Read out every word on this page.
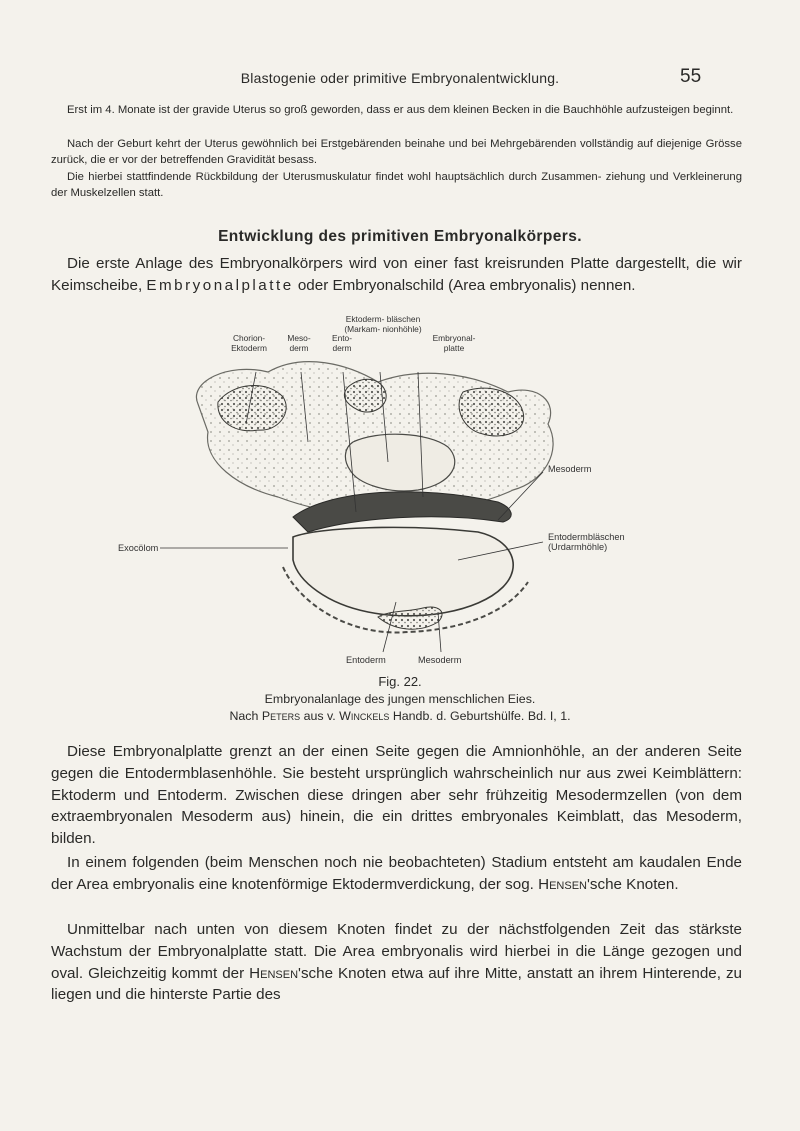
Blastogenie oder primitive Embryonalentwicklung.	55

Erst im 4. Monate ist der gravide Uterus so groß geworden, dass er aus dem kleinen Becken in die Bauchhöhle aufzusteigen beginnt.

Nach der Geburt kehrt der Uterus gewöhnlich bei Erstgebärenden beinahe und bei Mehrgebärenden vollständig auf diejenige Grösse zurück, die er vor der betreffenden Gravidität besass.

Die hierbei stattfindende Rückbildung der Uterusmuskulatur findet wohl hauptsächlich durch Zusammen- ziehung und Verkleinerung der Muskelzellen statt.

Entwicklung des primitiven Embryonalkörpers.

Die erste Anlage des Embryonalkörpers wird von einer fast kreisrunden Platte dargestellt, die wir Keimscheibe, Embryonalplatte oder Embryonalschild (Area embryonalis) nennen.

Chorion- Ektoderm
Meso- derm
Ento- derm
Ektoderm- bläschen (Markam- nionhöhle)
Embryonal- platte
Mesoderm
Entodermbläschen (Urdarmhöhle)
Exocölom
Entoderm	Mesoderm
Fig. 22.
Embryonalanlage des jungen menschlichen Eies.
Nach Peters aus v. Winckels Handb. d. Geburtshülfe. Bd. I, 1.

Diese Embryonalplatte grenzt an der einen Seite gegen die Amnionhöhle, an der anderen Seite gegen die Entodermblasenhöhle. Sie besteht ursprünglich wahrscheinlich nur aus zwei Keimblättern: Ektoderm und Entoderm. Zwischen diese dringen aber sehr frühzeitig Mesodermzellen (von dem extraembryonalen Mesoderm aus) hinein, die ein drittes embryonales Keimblatt, das Mesoderm, bilden.

In einem folgenden (beim Menschen noch nie beobachteten) Stadium entsteht am kaudalen Ende der Area embryonalis eine knotenförmige Ektodermverdickung, der sog. Hensen'sche Knoten.

Unmittelbar nach unten von diesem Knoten findet zu der nächstfolgenden Zeit das stärkste Wachstum der Embryonalplatte statt. Die Area embryonalis wird hierbei in die Länge gezogen und oval. Gleichzeitig kommt der Hensen'sche Knoten etwa auf ihre Mitte, anstatt an ihrem Hinterende, zu liegen und die hinterste Partie des
